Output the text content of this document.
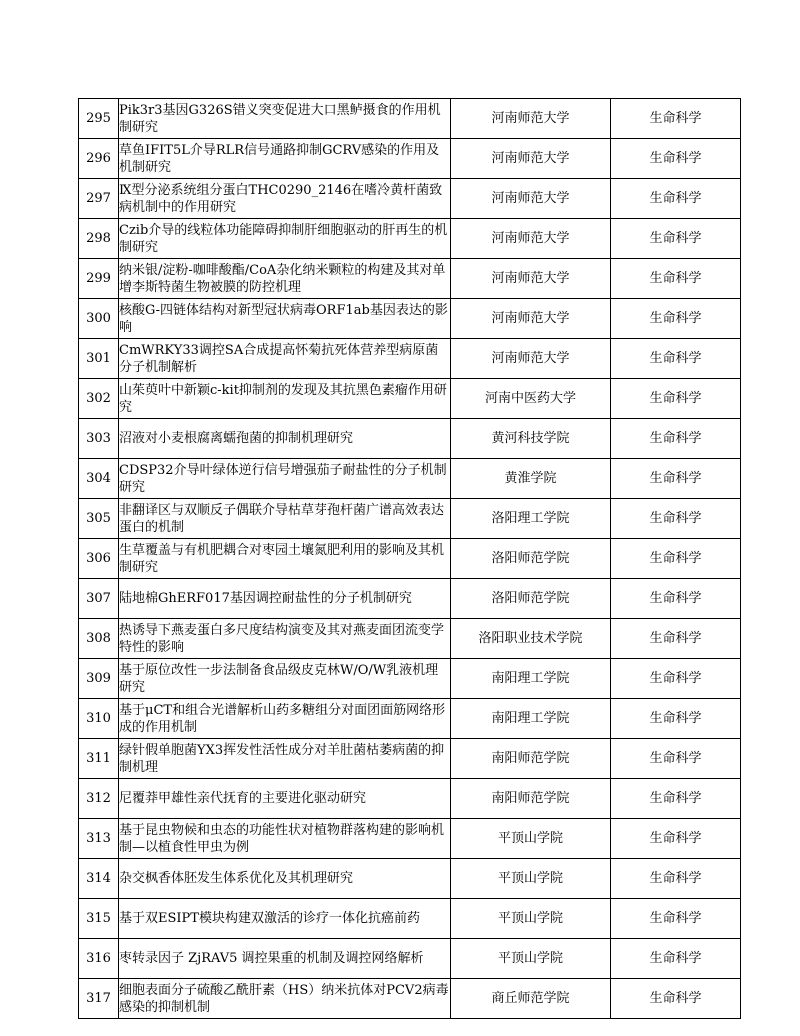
295	Pik3r3基因G326S错义突变促进大口黑鲈摄食的作用机制研究	河南师范大学	生命科学
296	草鱼IFIT5L介导RLR信号通路抑制GCRV感染的作用及机制研究	河南师范大学	生命科学
297	Ⅸ型分泌系统组分蛋白THC0290_2146在嗜冷黄杆菌致病机制中的作用研究	河南师范大学	生命科学
298	Czib介导的线粒体功能障碍抑制肝细胞驱动的肝再生的机制研究	河南师范大学	生命科学
299	纳米银/淀粉-咖啡酸酯/CoA杂化纳米颗粒的构建及其对单增李斯特菌生物被膜的防控机理	河南师范大学	生命科学
300	核酸G-四链体结构对新型冠状病毒ORF1ab基因表达的影响	河南师范大学	生命科学
301	CmWRKY33调控SA合成提高怀菊抗死体营养型病原菌分子机制解析	河南师范大学	生命科学
302	山茱萸叶中新颖c-kit抑制剂的发现及其抗黑色素瘤作用研究	河南中医药大学	生命科学
303	沼液对小麦根腐离蠕孢菌的抑制机理研究	黄河科技学院	生命科学
304	CDSP32介导叶绿体逆行信号增强茄子耐盐性的分子机制研究	黄淮学院	生命科学
305	非翻译区与双顺反子偶联介导枯草芽孢杆菌广谱高效表达蛋白的机制	洛阳理工学院	生命科学
306	生草覆盖与有机肥耦合对枣园土壤氮肥利用的影响及其机制研究	洛阳师范学院	生命科学
307	陆地棉GhERF017基因调控耐盐性的分子机制研究	洛阳师范学院	生命科学
308	热诱导下燕麦蛋白多尺度结构演变及其对燕麦面团流变学特性的影响	洛阳职业技术学院	生命科学
309	基于原位改性一步法制备食品级皮克林W/O/W乳液机理研究	南阳理工学院	生命科学
310	基于μCT和组合光谱解析山药多糖组分对面团面筋网络形成的作用机制	南阳理工学院	生命科学
311	绿针假单胞菌YX3挥发性活性成分对羊肚菌枯萎病菌的抑制机理	南阳师范学院	生命科学
312	尼覆莽甲雄性亲代抚育的主要进化驱动研究	南阳师范学院	生命科学
313	基于昆虫物候和虫态的功能性状对植物群落构建的影响机制—以植食性甲虫为例	平顶山学院	生命科学
314	杂交枫香体胚发生体系优化及其机理研究	平顶山学院	生命科学
315	基于双ESIPT模块构建双激活的诊疗一体化抗癌前药	平顶山学院	生命科学
316	枣转录因子 ZjRAV5 调控果重的机制及调控网络解析	平顶山学院	生命科学
317	细胞表面分子硫酸乙酰肝素（HS）纳米抗体对PCV2病毒感染的抑制机制	商丘师范学院	生命科学
